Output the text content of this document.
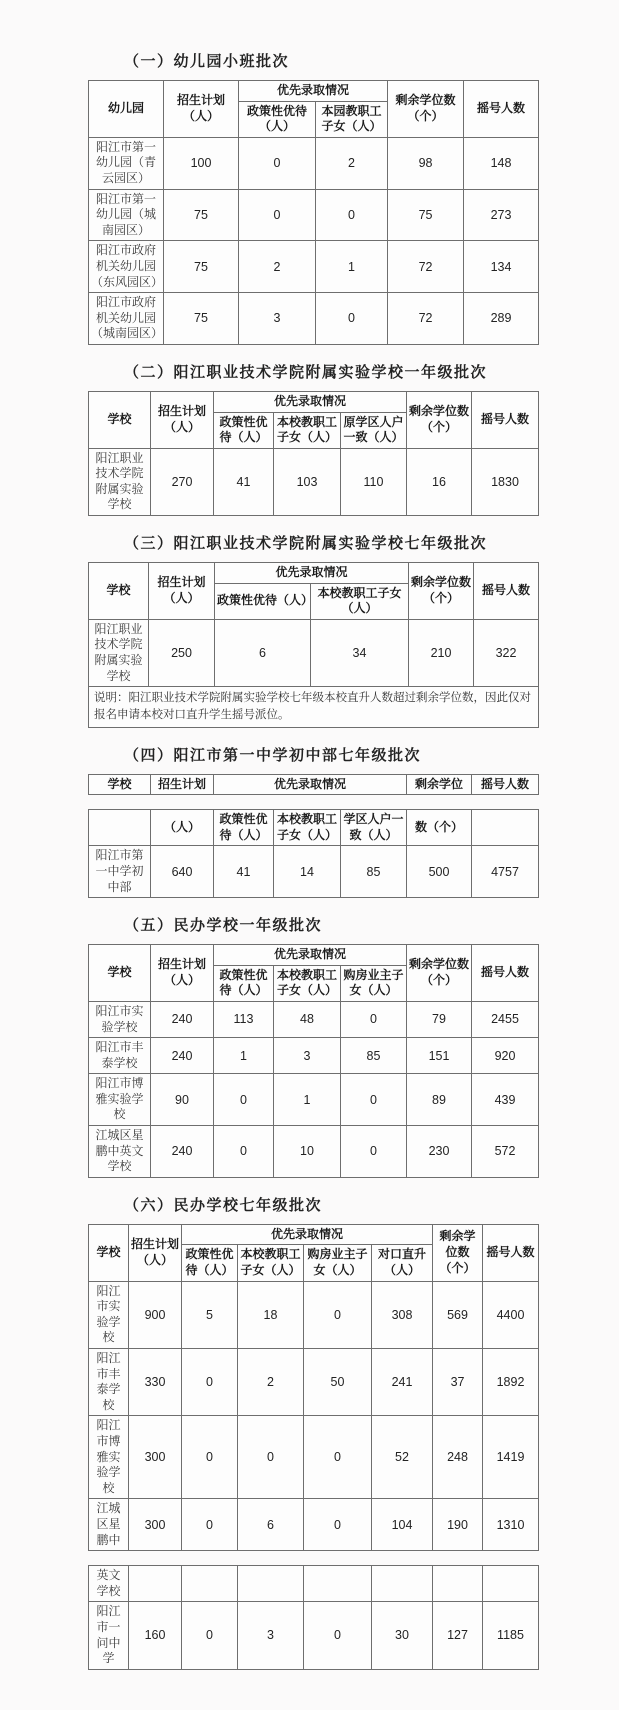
（一）幼儿园小班批次
幼儿园	招生计划（人）	优先录取情况		剩余学位数（个）	摇号人数
		政策性优待（人）	本园教职工子女（人）		
阳江市第一幼儿园（青云园区）	100	0	2	98	148
阳江市第一幼儿园（城南园区）	75	0	0	75	273
阳江市政府机关幼儿园（东风园区）	75	2	1	72	134
阳江市政府机关幼儿园（城南园区）	75	3	0	72	289
（二）阳江职业技术学院附属实验学校一年级批次
学校	招生计划（人）	优先录取情况			剩余学位数（个）	摇号人数
		政策性优待（人）	本校教职工子女（人）	原学区人户一致（人）		
阳江职业技术学院附属实验学校	270	41	103	110	16	1830
（三）阳江职业技术学院附属实验学校七年级批次
学校	招生计划（人）	优先录取情况		剩余学位数（个）	摇号人数
		政策性优待（人）	本校教职工子女（人）		
阳江职业技术学院附属实验学校	250	6	34	210	322
说明：阳江职业技术学院附属实验学校七年级本校直升人数超过剩余学位数，因此仅对报名申请本校对口直升学生摇号派位。					
（四）阳江市第一中学初中部七年级批次
学校	招生计划	优先录取情况	剩余学位	摇号人数
	（人）	政策性优待（人）	本校教职工子女（人）	学区人户一致（人）	数（个）	
阳江市第一中学初中部	640	41	14	85	500	4757
（五）民办学校一年级批次
学校	招生计划（人）	优先录取情况			剩余学位数（个）	摇号人数
		政策性优待（人）	本校教职工子女（人）	购房业主子女（人）		
阳江市实验学校	240	113	48	0	79	2455
阳江市丰泰学校	240	1	3	85	151	920
阳江市博雅实验学校	90	0	1	0	89	439
江城区星鹏中英文学校	240	0	10	0	230	572
（六）民办学校七年级批次
学校	招生计划（人）	优先录取情况				剩余学位数（个）	摇号人数
		政策性优待（人）	本校教职工子女（人）	购房业主子女（人）	对口直升（人）		
阳江市实验学校	900	5	18	0	308	569	4400
阳江市丰泰学校	330	0	2	50	241	37	1892
阳江市博雅实验学校	300	0	0	0	52	248	1419
江城区星鹏中	300	0	6	0	104	190	1310
英文学校							
阳江市一问中学	160	0	3	0	30	127	1185
